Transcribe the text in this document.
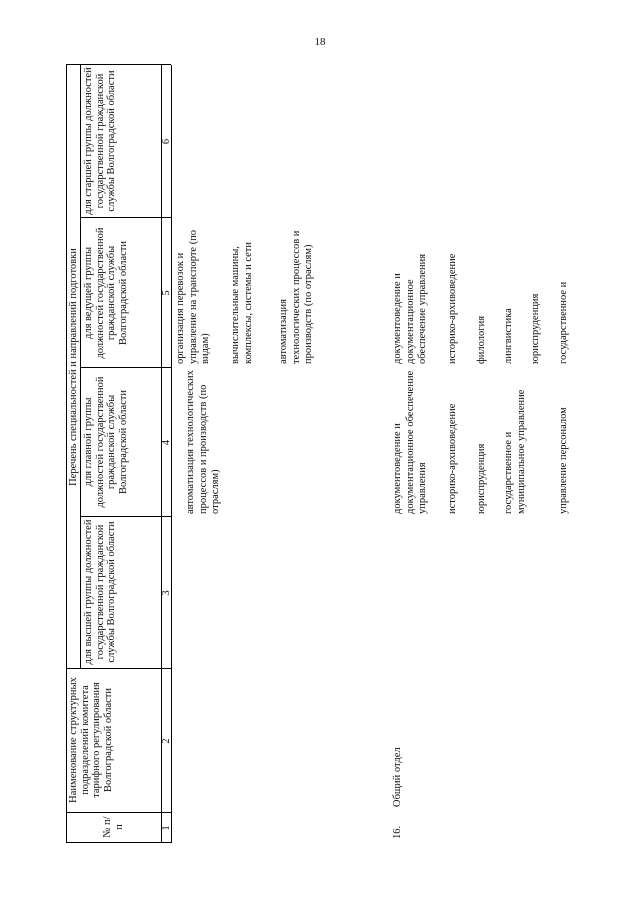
18
№ п/п
Наименование структурных подразделений комитета тарифного регулирования Волгоградской области
Перечень специальностей и направлений подготовки
для высшей группы должностей государственной гражданской службы Волгоградской области
для главной группы должностей государственной гражданской службы Волгоградской области
для ведущей группы должностей государственной гражданской службы Волгоградской области
для старшей группы должностей государственной гражданской службы Волгоградской области
1
2
3
4
5
6
автоматизация технологических процессов и производств (по отраслям)
организация перевозок и управление на транспорте (по видам) вычислительные машины, комплексы, системы и сети автоматизация технологических процессов и производств (по отраслям)
16.
Общий отдел
документоведение и документационное обеспечение управления историко-архивоведение юриспруденция государственное и муниципальное управление	управление персоналом
документоведение и документационное обеспечение управления историко-архивоведение филология лингвистика юриспруденция государственное и
